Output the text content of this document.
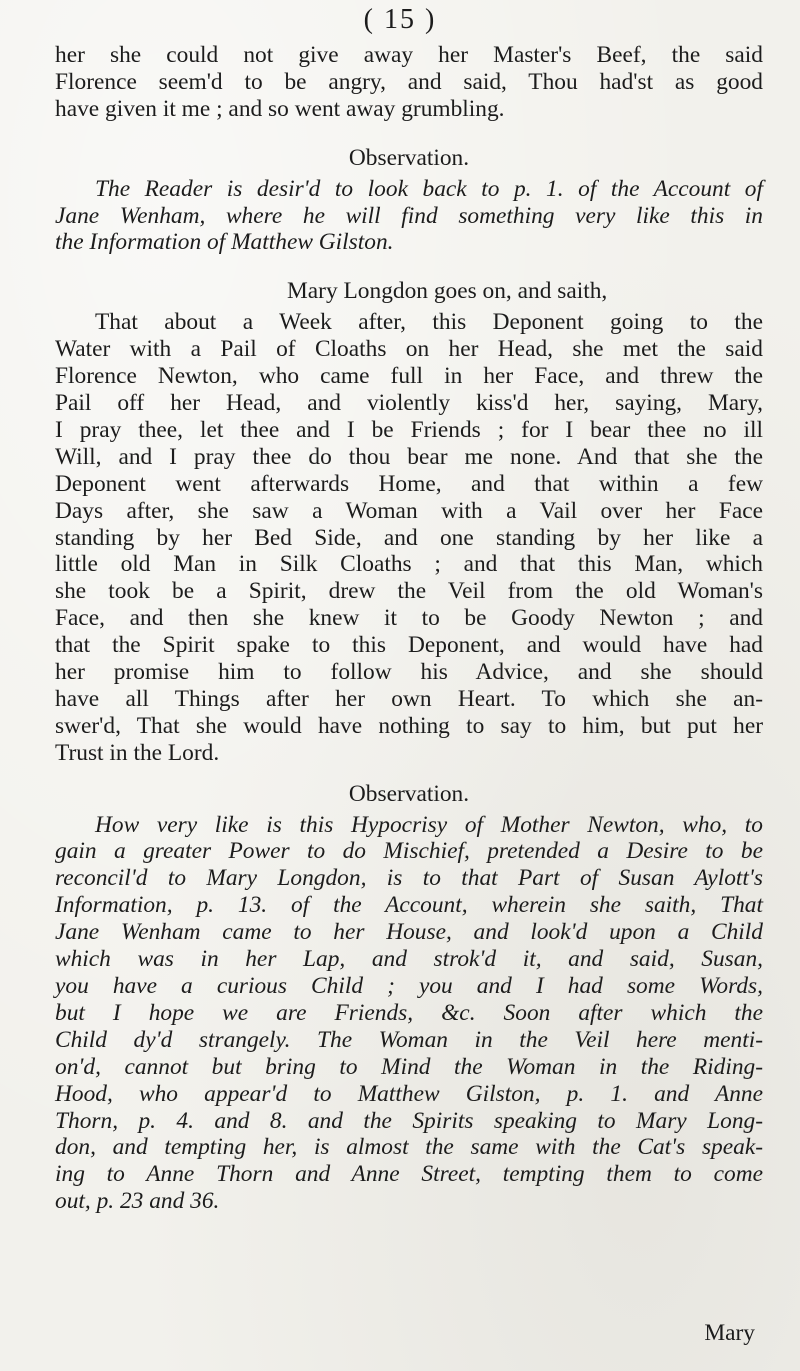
( 15 )

her she could not give away her Master's Beef, the said

Florence seem'd to be angry, and said, Thou had'st as good

have given it me ; and so went away grumbling.

Observation.

The Reader is desir'd to look back to p. 1. of the Account of

Jane Wenham, where he will find something very like this in

the Information of Matthew Gilston.

Mary Longdon goes on, and saith,

That about a Week after, this Deponent going to the

Water with a Pail of Cloaths on her Head, she met the said

Florence Newton, who came full in her Face, and threw the

Pail off her Head, and violently kiss'd her, saying, Mary,

I pray thee, let thee and I be Friends ; for I bear thee no ill

Will, and I pray thee do thou bear me none. And that she the

Deponent went afterwards Home, and that within a few

Days after, she saw a Woman with a Vail over her Face

standing by her Bed Side, and one standing by her like a

little old Man in Silk Cloaths ; and that this Man, which

she took be a Spirit, drew the Veil from the old Woman's

Face, and then she knew it to be Goody Newton ; and

that the Spirit spake to this Deponent, and would have had

her promise him to follow his Advice, and she should

have all Things after her own Heart. To which she an-

swer'd, That she would have nothing to say to him, but put her

Trust in the Lord.

Observation.

How very like is this Hypocrisy of Mother Newton, who, to

gain a greater Power to do Mischief, pretended a Desire to be

reconcil'd to Mary Longdon, is to that Part of Susan Aylott's

Information, p. 13. of the Account, wherein she saith, That

Jane Wenham came to her House, and look'd upon a Child

which was in her Lap, and strok'd it, and said, Susan,

you have a curious Child ; you and I had some Words,

but I hope we are Friends, &c. Soon after which the

Child dy'd strangely. The Woman in the Veil here menti-

on'd, cannot but bring to Mind the Woman in the Riding-

Hood, who appear'd to Matthew Gilston, p. 1. and Anne

Thorn, p. 4. and 8. and the Spirits speaking to Mary Long-

don, and tempting her, is almost the same with the Cat's speak-

ing to Anne Thorn and Anne Street, tempting them to come

out, p. 23 and 36.

Mary
